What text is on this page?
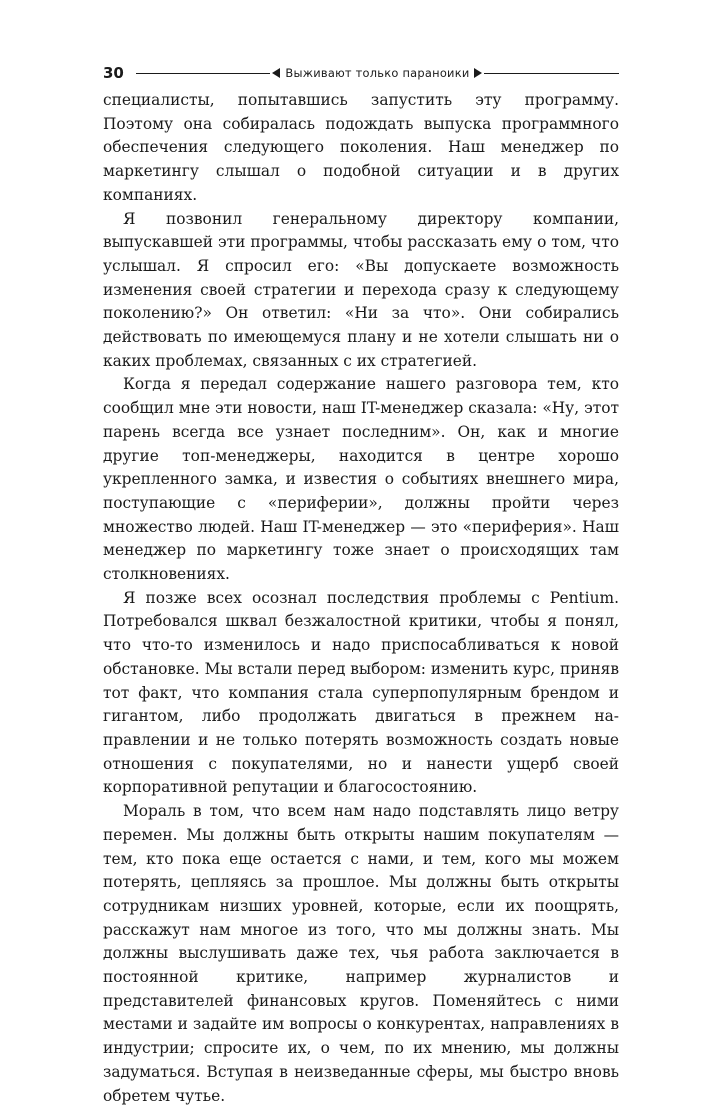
30	Выживают только параноики

специалисты, попытавшись запустить эту программу. Поэтому она собиралась подождать выпуска программного обеспечения следующего поколения. Наш менеджер по маркетингу слышал о подобной ситуации и в других компаниях.

Я позвонил генеральному директору компании, выпускавшей эти программы, чтобы рассказать ему о том, что услышал. Я спросил его: «Вы допускаете возможность изменения своей стратегии и перехода сразу к следующему поколению?» Он ответил: «Ни за что». Они собирались действовать по имеющемуся плану и не хотели слышать ни о каких проблемах, связанных с их стратегией.

Когда я передал содержание нашего разговора тем, кто сообщил мне эти новости, наш IT-менеджер сказала: «Ну, этот парень всегда все узнает последним». Он, как и многие другие топ-менеджеры, находится в центре хорошо укрепленного замка, и известия о событиях внешнего мира, поступающие с «периферии», должны пройти через множество людей. Наш IT-менеджер — это «периферия». Наш менеджер по маркетингу тоже знает о происходящих там столкновениях.

Я позже всех осознал последствия проблемы с Pentium. Потребовался шквал безжалостной критики, чтобы я понял, что что-то изменилось и надо приспосабливаться к новой обстановке. Мы встали перед выбором: изменить курс, приняв тот факт, что компания стала суперпопулярным брендом и гигантом, либо продолжать двигаться в прежнем направлении и не только потерять возможность создать новые отношения с покупателями, но и нанести ущерб своей корпоративной репутации и благосостоянию.

Мораль в том, что всем нам надо подставлять лицо ветру перемен. Мы должны быть открыты нашим покупателям — тем, кто пока еще остается с нами, и тем, кого мы можем потерять, цепляясь за прошлое. Мы должны быть открыты сотрудникам низших уровней, которые, если их поощрять, расскажут нам многое из того, что мы должны знать. Мы должны выслушивать даже тех, чья работа заключается в постоянной критике, например журналистов и представителей финансовых кругов. Поменяйтесь с ними местами и задайте им вопросы о конкурентах, направлениях в индустрии; спросите их, о чем, по их мнению, мы должны задуматься. Вступая в неизведанные сферы, мы быстро вновь обретем чутье.
